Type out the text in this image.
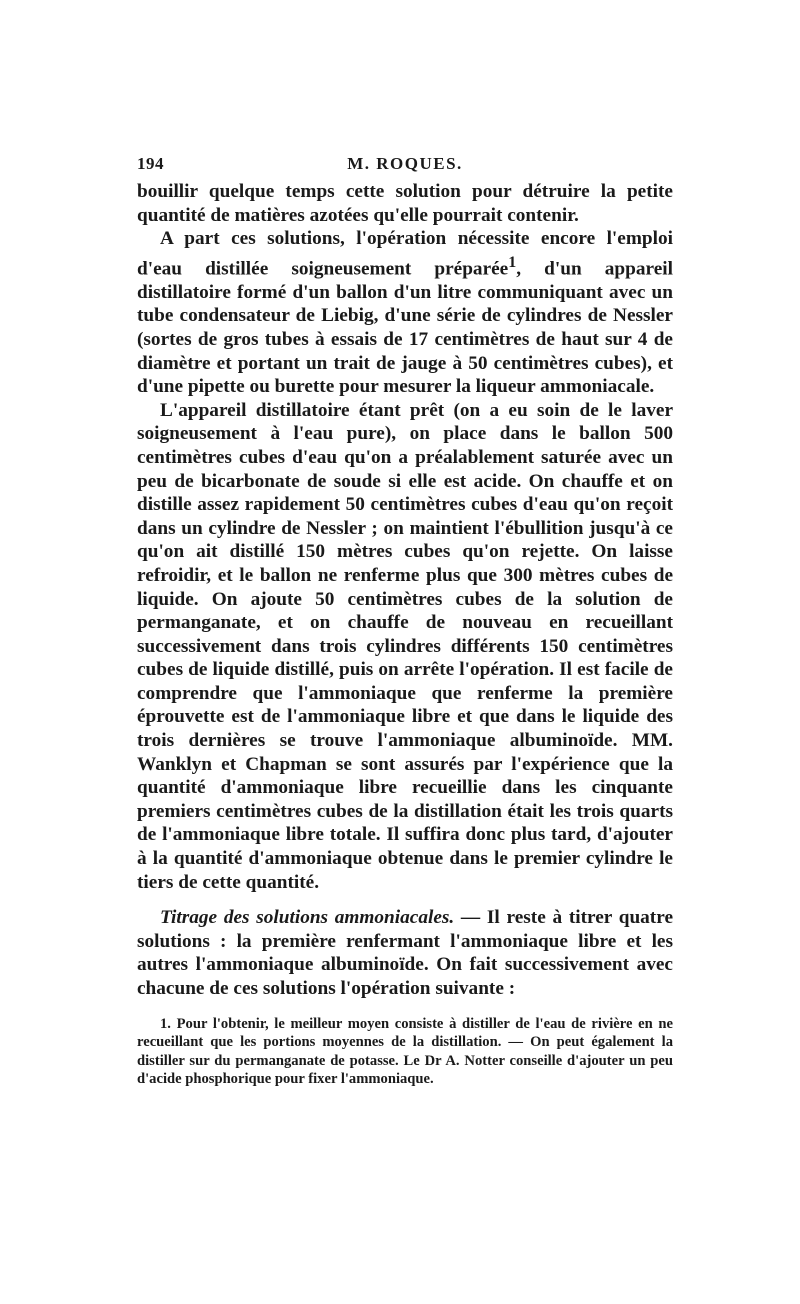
194	M. ROQUES.

bouillir quelque temps cette solution pour détruire la petite quantité de matières azotées qu'elle pourrait contenir.

A part ces solutions, l'opération nécessite encore l'emploi d'eau distillée soigneusement préparée$^1$, d'un appareil distillatoire formé d'un ballon d'un litre communiquant avec un tube condensateur de Liebig, d'une série de cylindres de Nessler (sortes de gros tubes à essais de 17 centimètres de haut sur 4 de diamètre et portant un trait de jauge à 50 centimètres cubes), et d'une pipette ou burette pour mesurer la liqueur ammoniacale.

L'appareil distillatoire étant prêt (on a eu soin de le laver soigneusement à l'eau pure), on place dans le ballon 500 centimètres cubes d'eau qu'on a préalablement saturée avec un peu de bicarbonate de soude si elle est acide. On chauffe et on distille assez rapidement 50 centimètres cubes d'eau qu'on reçoit dans un cylindre de Nessler ; on maintient l'ébullition jusqu'à ce qu'on ait distillé 150 mètres cubes qu'on rejette. On laisse refroidir, et le ballon ne renferme plus que 300 mètres cubes de liquide. On ajoute 50 centimètres cubes de la solution de permanganate, et on chauffe de nouveau en recueillant successivement dans trois cylindres différents 150 centimètres cubes de liquide distillé, puis on arrête l'opération. Il est facile de comprendre que l'ammoniaque que renferme la première éprouvette est de l'ammoniaque libre et que dans le liquide des trois dernières se trouve l'ammoniaque albuminoïde. MM. Wanklyn et Chapman se sont assurés par l'expérience que la quantité d'ammoniaque libre recueillie dans les cinquante premiers centimètres cubes de la distillation était les trois quarts de l'ammoniaque libre totale. Il suffira donc plus tard, d'ajouter à la quantité d'ammoniaque obtenue dans le premier cylindre le tiers de cette quantité.

Titrage des solutions ammoniacales. — Il reste à titrer quatre solutions : la première renfermant l'ammoniaque libre et les autres l'ammoniaque albuminoïde. On fait successivement avec chacune de ces solutions l'opération suivante :

1. Pour l'obtenir, le meilleur moyen consiste à distiller de l'eau de rivière en ne recueillant que les portions moyennes de la distillation. — On peut également la distiller sur du permanganate de potasse. Le Dr A. Notter conseille d'ajouter un peu d'acide phosphorique pour fixer l'ammoniaque.
